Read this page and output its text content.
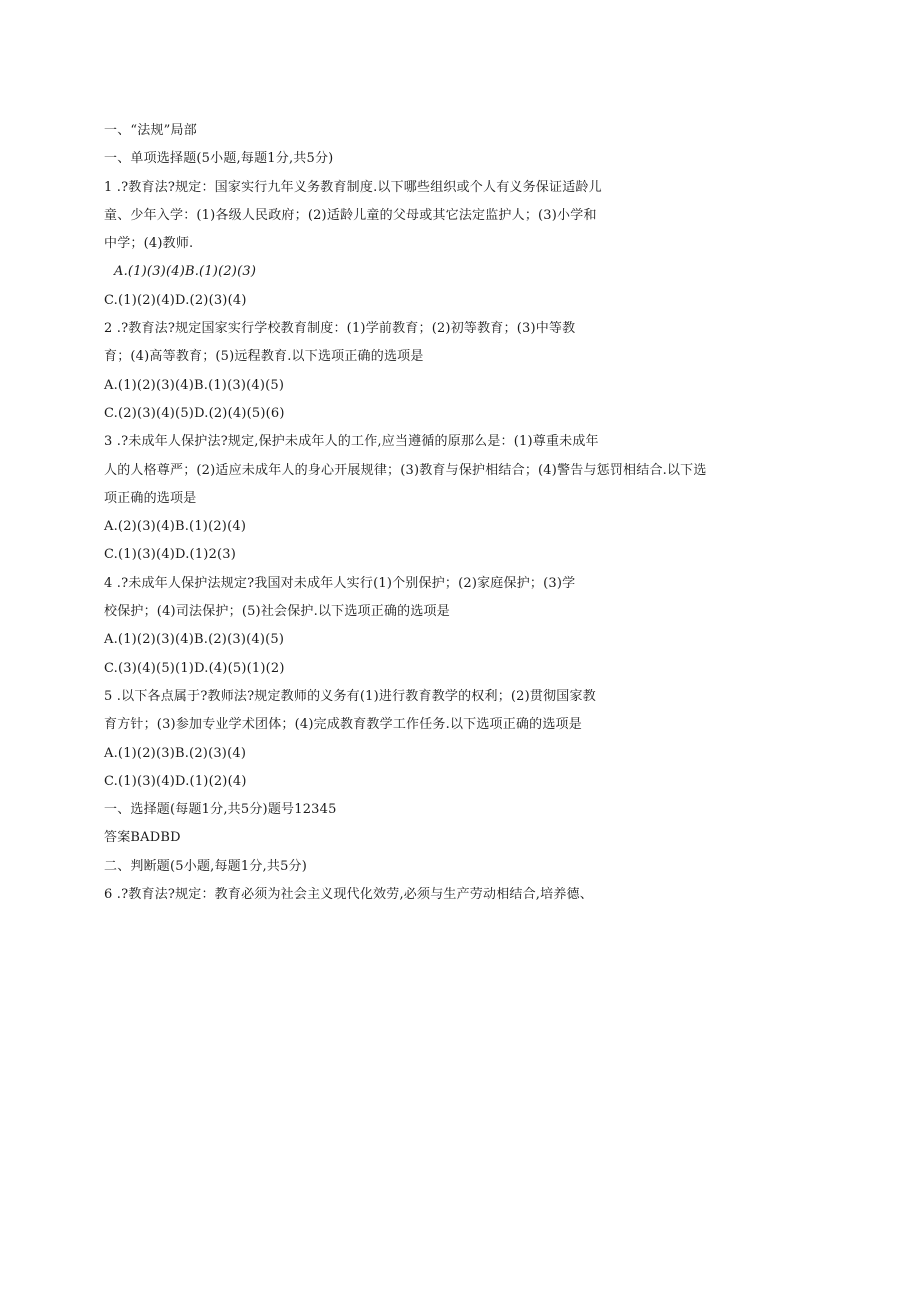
一、“法规”局部
一、单项选择题(5小题,每题1分,共5分)
1 .?教育法?规定：国家实行九年义务教育制度.以下哪些组织或个人有义务保证适龄儿
童、少年入学：(1)各级人民政府；(2)适龄儿童的父母或其它法定监护人；(3)小学和
中学；(4)教师.
A.(1)(3)(4)B.(1)(2)(3)
C.(1)(2)(4)D.(2)(3)(4)
2 .?教育法?规定国家实行学校教育制度：(1)学前教育；(2)初等教育；(3)中等教
育；(4)高等教育；(5)远程教育.以下选项正确的选项是
A.(1)(2)(3)(4)B.(1)(3)(4)(5)
C.(2)(3)(4)(5)D.(2)(4)(5)(6)
3 .?未成年人保护法?规定,保护未成年人的工作,应当遵循的原那么是：(1)尊重未成年
人的人格尊严；(2)适应未成年人的身心开展规律；(3)教育与保护相结合；(4)警告与惩罚相结合.以下选
项正确的选项是
A.(2)(3)(4)B.(1)(2)(4)
C.(1)(3)(4)D.(1)2(3)
4 .?未成年人保护法规定?我国对未成年人实行(1)个别保护；(2)家庭保护；(3)学
校保护；(4)司法保护；(5)社会保护.以下选项正确的选项是
A.(1)(2)(3)(4)B.(2)(3)(4)(5)
C.(3)(4)(5)(1)D.(4)(5)(1)(2)
5 .以下各点属于?教师法?规定教师的义务有(1)进行教育教学的权利；(2)贯彻国家教
育方针；(3)参加专业学术团体；(4)完成教育教学工作任务.以下选项正确的选项是
A.(1)(2)(3)B.(2)(3)(4)
C.(1)(3)(4)D.(1)(2)(4)
一、选择题(每题1分,共5分)题号12345
答案BADBD
二、判断题(5小题,每题1分,共5分)
6 .?教育法?规定：教育必须为社会主义现代化效劳,必须与生产劳动相结合,培养德、
